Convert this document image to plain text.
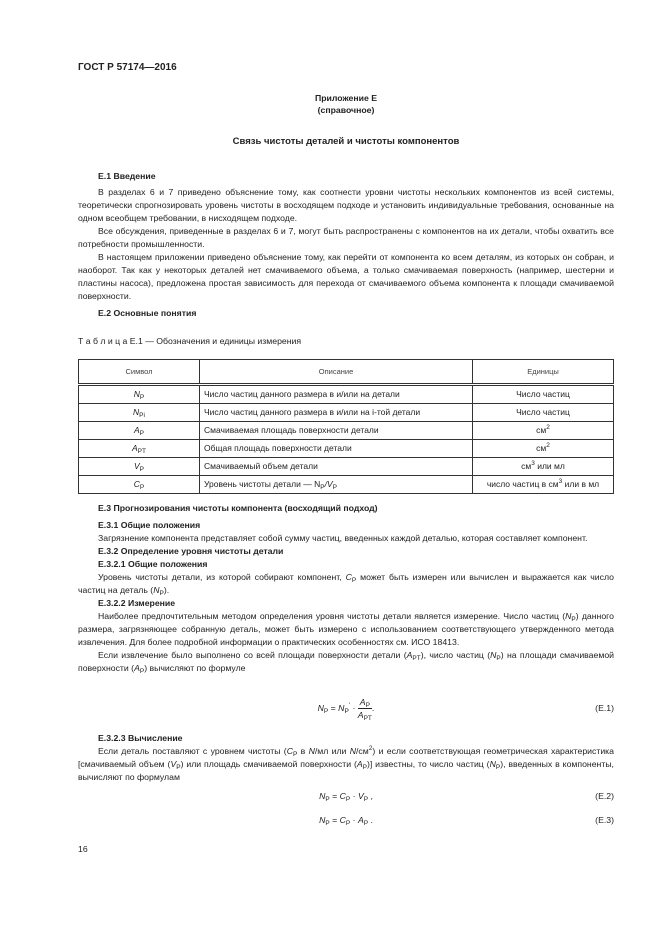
ГОСТ Р 57174—2016
Приложение Е
(справочное)
Связь чистоты деталей и чистоты компонентов

Е.1 Введение

В разделах 6 и 7 приведено объяснение тому, как соотнести уровни чистоты нескольких компонентов из всей системы, теоретически спрогнозировать уровень чистоты в восходящем подходе и установить индивидуальные требования, основанные на одном всеобщем требовании, в нисходящем подходе.

Все обсуждения, приведенные в разделах 6 и 7, могут быть распространены с компонентов на их детали, чтобы охватить все потребности промышленности.

В настоящем приложении приведено объяснение тому, как перейти от компонента ко всем деталям, из которых он собран, и наоборот. Так как у некоторых деталей нет смачиваемого объема, а только смачиваемая поверхность (например, шестерни и пластины насоса), предложена простая зависимость для перехода от смачиваемого объема компонента к площади смачиваемой поверхности.

Е.2 Основные понятия

Т а б л и ц а Е.1 — Обозначения и единицы измерения
Символ	Описание	Единицы
$N_P$	Число частиц данного размера в и/или на детали	Число частиц
$N_{Pi}$	Число частиц данного размера в и/или на i-той детали	Число частиц
$A_P$	Смачиваемая площадь поверхности детали	$см^2$
$A_{PT}$	Общая площадь поверхности детали	$см^2$
$V_P$	Смачиваемый объем детали	$см^3$ или мл
$C_P$	Уровень чистоты детали — $N_P/V_P$	число частиц в $см^3$ или в мл

Е.3 Прогнозирования чистоты компонента (восходящий подход)

Е.3.1 Общие положения

Загрязнение компонента представляет собой сумму частиц, введенных каждой деталью, которая составляет компонент.

Е.3.2 Определение уровня чистоты детали

Е.3.2.1 Общие положения

Уровень чистоты детали, из которой собирают компонент, $C_P$ может быть измерен или вычислен и выражается как число частиц на деталь $(N_P)$.

Е.3.2.2 Измерение

Наиболее предпочтительным методом определения уровня чистоты детали является измерение. Число частиц $(N_P)$ данного размера, загрязняющее собранную деталь, может быть измерено с использованием соответствующего утвержденного метода извлечения. Для более подробной информации о практических особенностях см. ИСО 18413.

Если извлечение было выполнено со всей площади поверхности детали $(A_{PT})$, число частиц $(N_P)$ на площади смачиваемой поверхности $(A_P)$ вычисляют по формуле

$N_P = N_P' \cdot \frac{A_P}{A_{PT}}$ .	(Е.1)

Е.3.2.3 Вычисление

Если деталь поставляют с уровнем чистоты ($C_P$ в N/мл или $N/см^2$) и если соответствующая геометрическая характеристика [смачиваемый объем $(V_P)$ или площадь смачиваемой поверхности $(A_P)$] известны, то число частиц $(N_P)$, введенных в компоненты, вычисляют по формулам

$N_P = C_P \cdot V_P$ ,	(Е.2)
$N_P = C_P \cdot A_P$ .	(Е.3)
16
